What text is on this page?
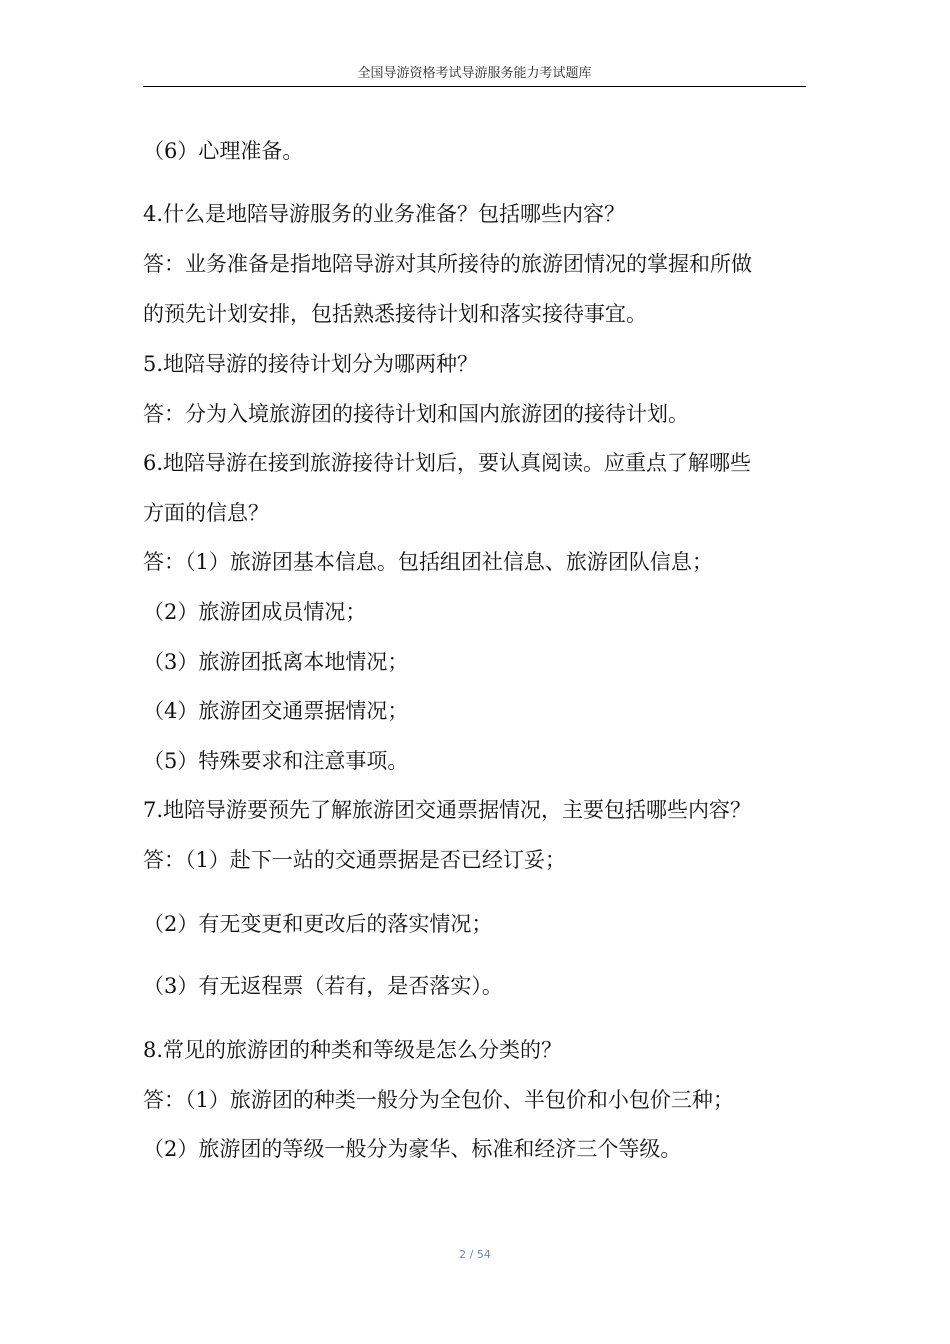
全国导游资格考试导游服务能力考试题库
（6）心理准备。
4.什么是地陪导游服务的业务准备？包括哪些内容？
答：业务准备是指地陪导游对其所接待的旅游团情况的掌握和所做
的预先计划安排，包括熟悉接待计划和落实接待事宜。
5.地陪导游的接待计划分为哪两种？
答：分为入境旅游团的接待计划和国内旅游团的接待计划。
6.地陪导游在接到旅游接待计划后，要认真阅读。应重点了解哪些
方面的信息？
答：（1）旅游团基本信息。包括组团社信息、旅游团队信息；
（2）旅游团成员情况；
（3）旅游团抵离本地情况；
（4）旅游团交通票据情况；
（5）特殊要求和注意事项。
7.地陪导游要预先了解旅游团交通票据情况，主要包括哪些内容？
答：（1）赴下一站的交通票据是否已经订妥；
（2）有无变更和更改后的落实情况；
（3）有无返程票（若有，是否落实）。
8.常见的旅游团的种类和等级是怎么分类的？
答：（1）旅游团的种类一般分为全包价、半包价和小包价三种；
（2）旅游团的等级一般分为豪华、标准和经济三个等级。
2 / 54
